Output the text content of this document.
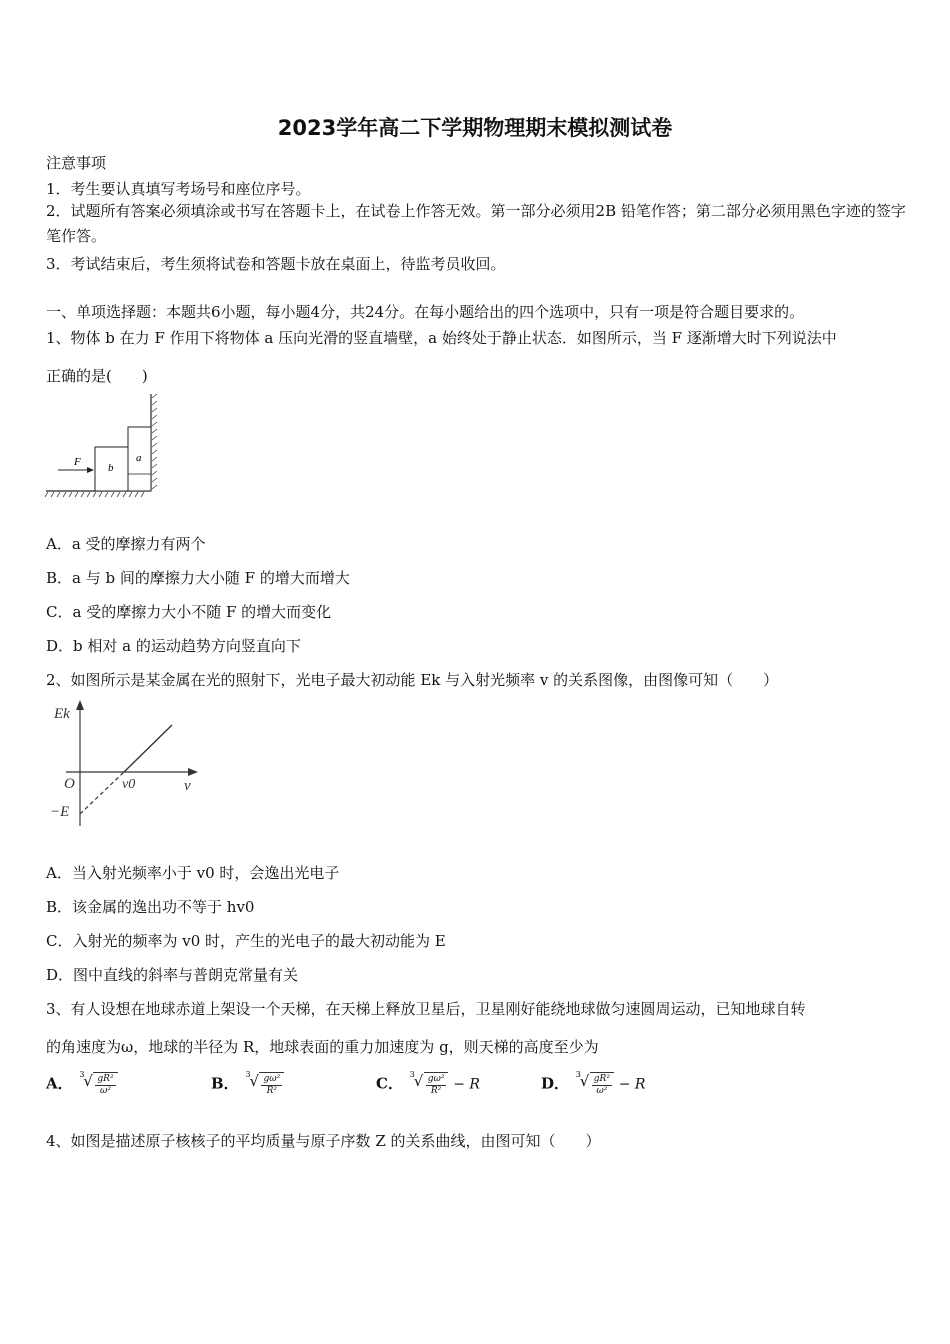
2023学年高二下学期物理期末模拟测试卷
注意事项
1．考生要认真填写考场号和座位序号。
2．试题所有答案必须填涂或书写在答题卡上，在试卷上作答无效。第一部分必须用2B 铅笔作答；第二部分必须用黑色字迹的签字笔作答。
3．考试结束后，考生须将试卷和答题卡放在桌面上，待监考员收回。
一、单项选择题：本题共6小题，每小题4分，共24分。在每小题给出的四个选项中，只有一项是符合题目要求的。
1、物体 b 在力 F 作用下将物体 a 压向光滑的竖直墙壁，a 始终处于静止状态．如图所示，当 F 逐渐增大时下列说法中
正确的是(　　)
F b
a
A．a 受的摩擦力有两个
B．a 与 b 间的摩擦力大小随 F 的增大而增大
C．a 受的摩擦力大小不随 F 的增大而变化
D．b 相对 a 的运动趋势方向竖直向下
2、如图所示是某金属在光的照射下，光电子最大初动能 Ek 与入射光频率 v 的关系图像，由图像可知（　　）
Ek
v
O	v0
−E
A．当入射光频率小于 v0 时，会逸出光电子
B．该金属的逸出功不等于 hv0
C．入射光的频率为 v0 时，产生的光电子的最大初动能为 E
D．图中直线的斜率与普朗克常量有关
3、有人设想在地球赤道上架设一个天梯，在天梯上释放卫星后，卫星刚好能绕地球做匀速圆周运动，已知地球自转
的角速度为ω，地球的半径为 R，地球表面的重力加速度为 g，则天梯的高度至少为
A． 3
√ $\frac{\text{gR²}}{\text{ω²}}$	B． 3
√ $\frac{\text{gω²}}{\text{R²}}$	C． 3
√ $\frac{\text{gω²}}{\text{R²}} - R$	D． 3
√ $\frac{\text{gR²}}{\text{ω²}} - R$
4、如图是描述原子核核子的平均质量与原子序数 Z 的关系曲线，由图可知（　　）
